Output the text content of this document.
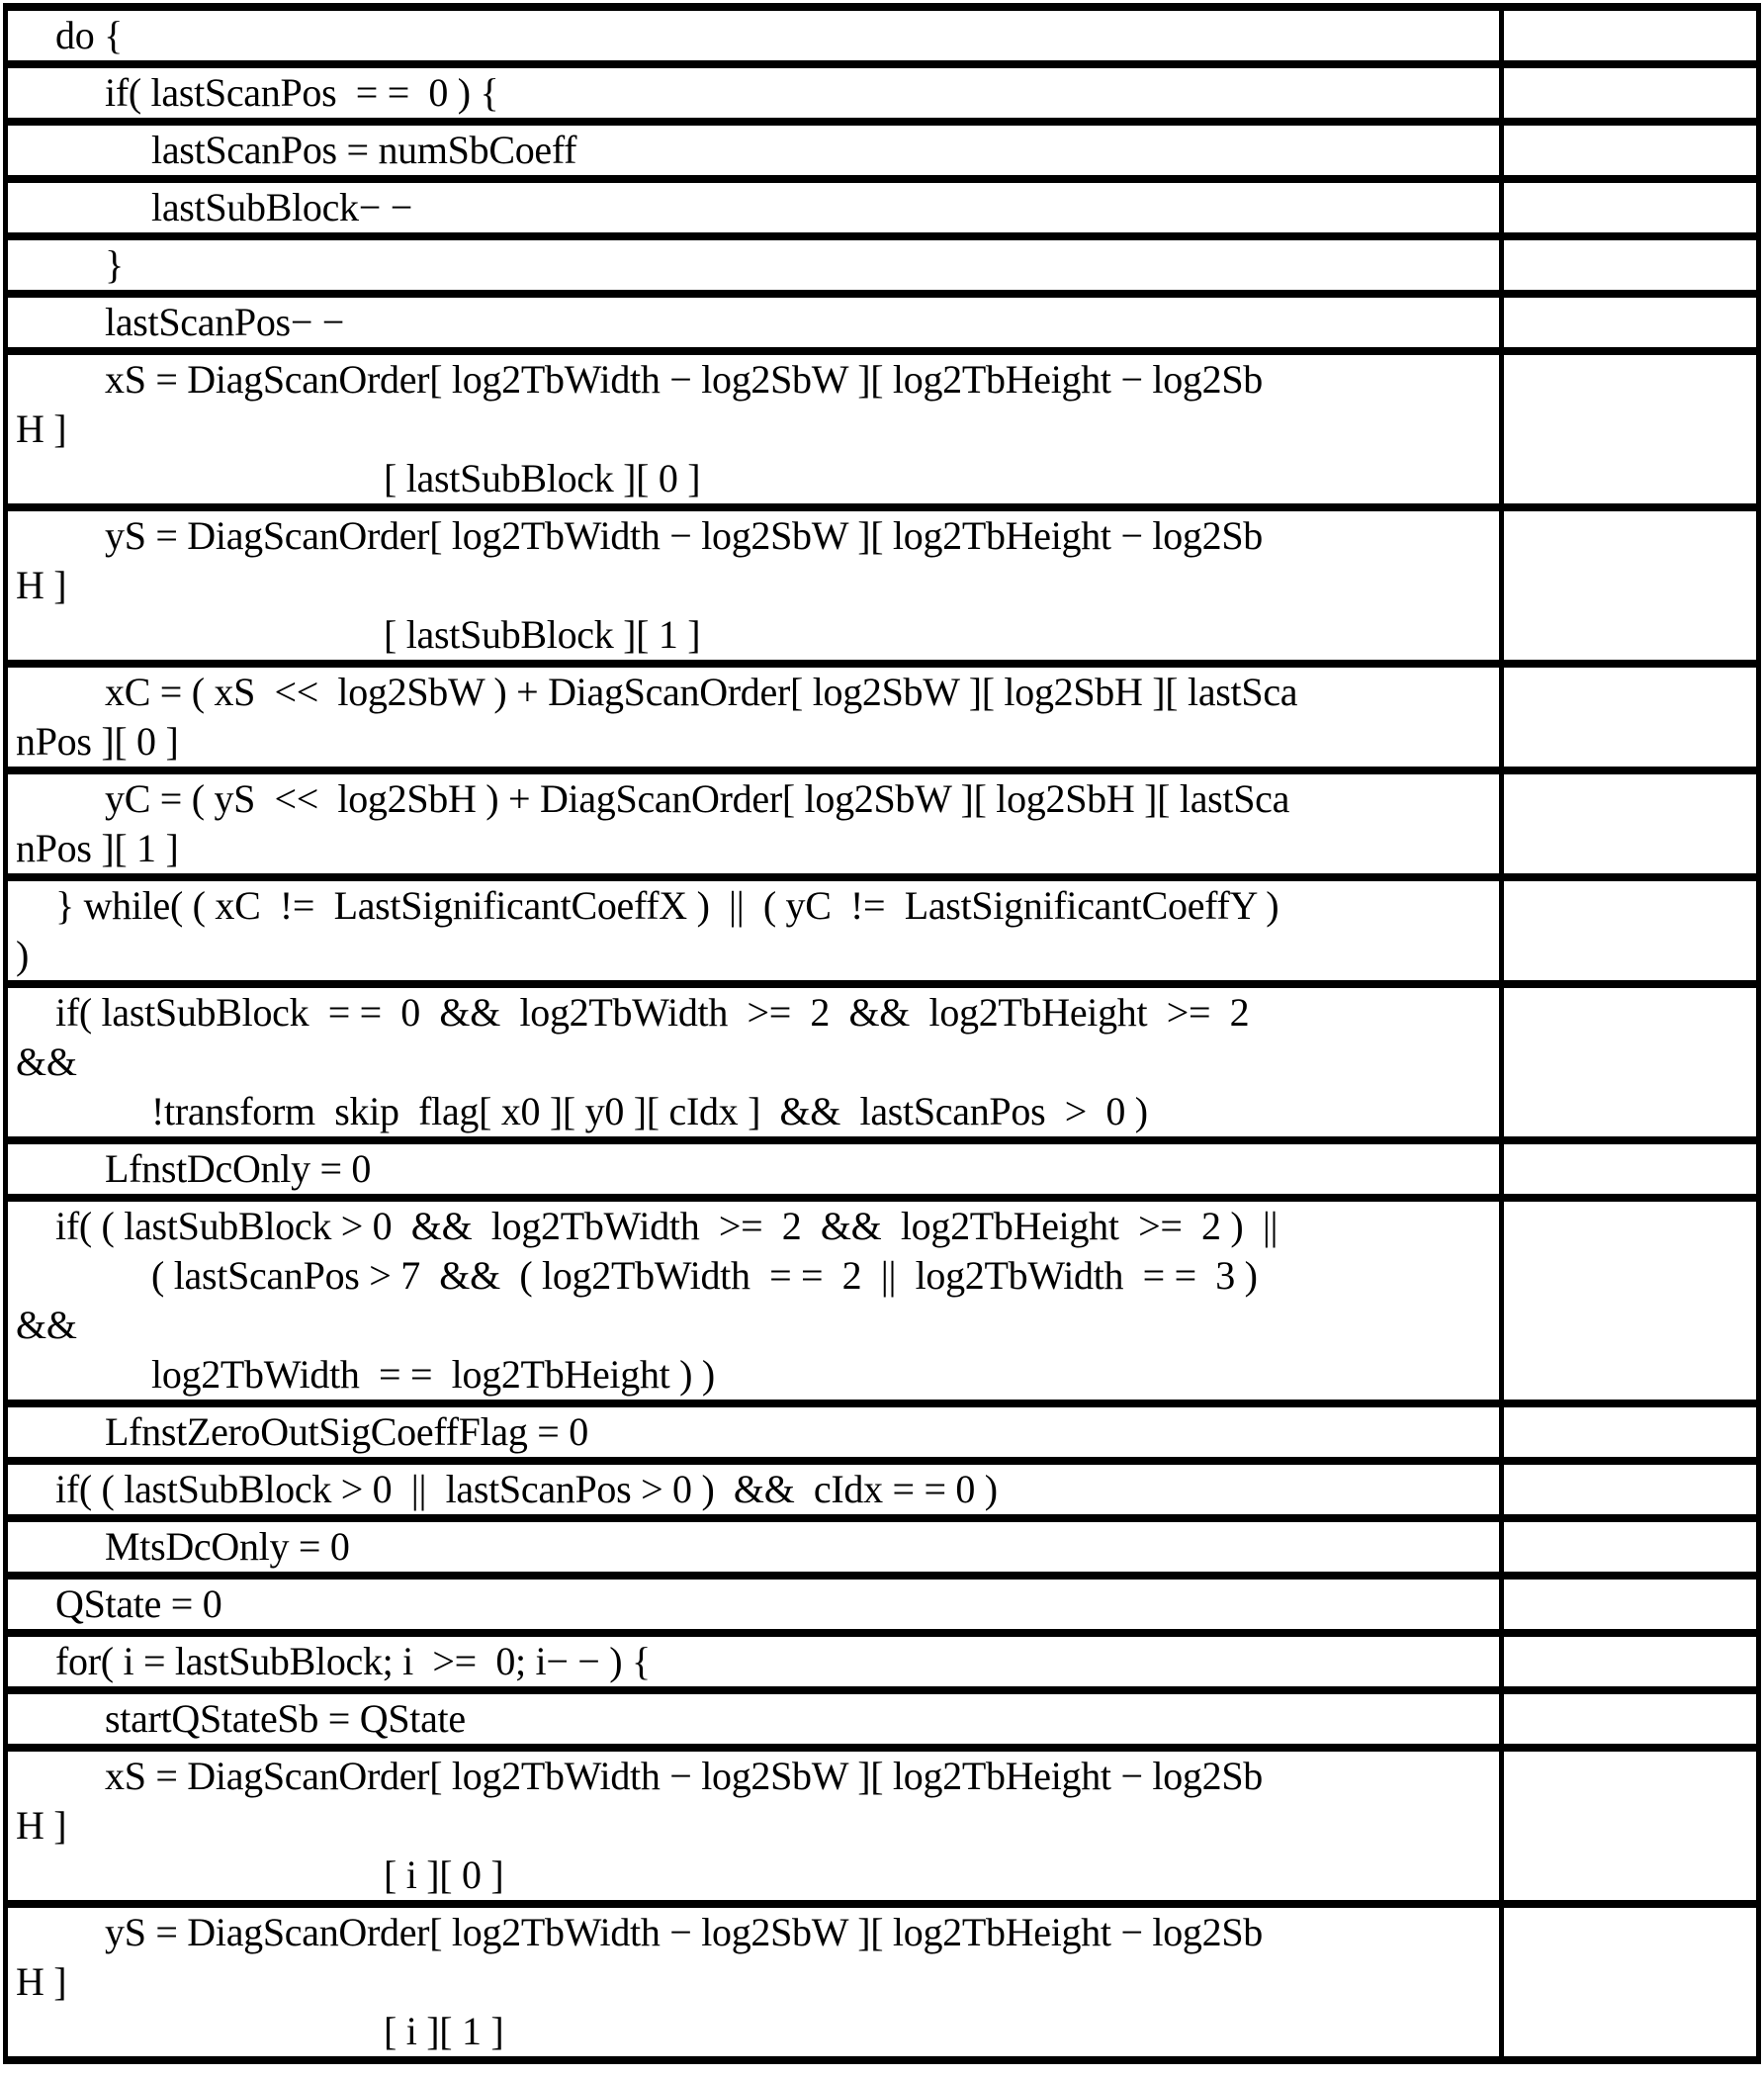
do {	

if( lastScanPos  = =  0 ) {	

lastScanPos = numSbCoeff	

lastSubBlock− −	

}	

lastScanPos− −	

xS = DiagScanOrder[ log2TbWidth − log2SbW ][ log2TbHeight − log2Sb
H ]
[ lastSubBlock ][ 0 ]	

yS = DiagScanOrder[ log2TbWidth − log2SbW ][ log2TbHeight − log2Sb
H ]
[ lastSubBlock ][ 1 ]	

xC = ( xS  <<  log2SbW ) + DiagScanOrder[ log2SbW ][ log2SbH ][ lastSca
nPos ][ 0 ]	

yC = ( yS  <<  log2SbH ) + DiagScanOrder[ log2SbW ][ log2SbH ][ lastSca
nPos ][ 1 ]	

} while( ( xC  !=  LastSignificantCoeffX )  ||  ( yC  !=  LastSignificantCoeffY )
)	

if( lastSubBlock  = =  0  &&  log2TbWidth  >=  2  &&  log2TbHeight  >=  2
&&
!transform  skip  flag[ x0 ][ y0 ][ cIdx ]  &&  lastScanPos  >  0 )	

LfnstDcOnly = 0	

if( ( lastSubBlock > 0  &&  log2TbWidth  >=  2  &&  log2TbHeight  >=  2 )  ||
( lastScanPos > 7  &&  ( log2TbWidth  = =  2  ||  log2TbWidth  = =  3 )
&&
log2TbWidth  = =  log2TbHeight ) )	

LfnstZeroOutSigCoeffFlag = 0	

if( ( lastSubBlock > 0  ||  lastScanPos > 0 )  &&  cIdx = = 0 )	

MtsDcOnly = 0	

QState = 0	

for( i = lastSubBlock; i  >=  0; i− − ) {	

startQStateSb = QState	

xS = DiagScanOrder[ log2TbWidth − log2SbW ][ log2TbHeight − log2Sb
H ]
[ i ][ 0 ]	

yS = DiagScanOrder[ log2TbWidth − log2SbW ][ log2TbHeight − log2Sb
H ]
[ i ][ 1 ]	
